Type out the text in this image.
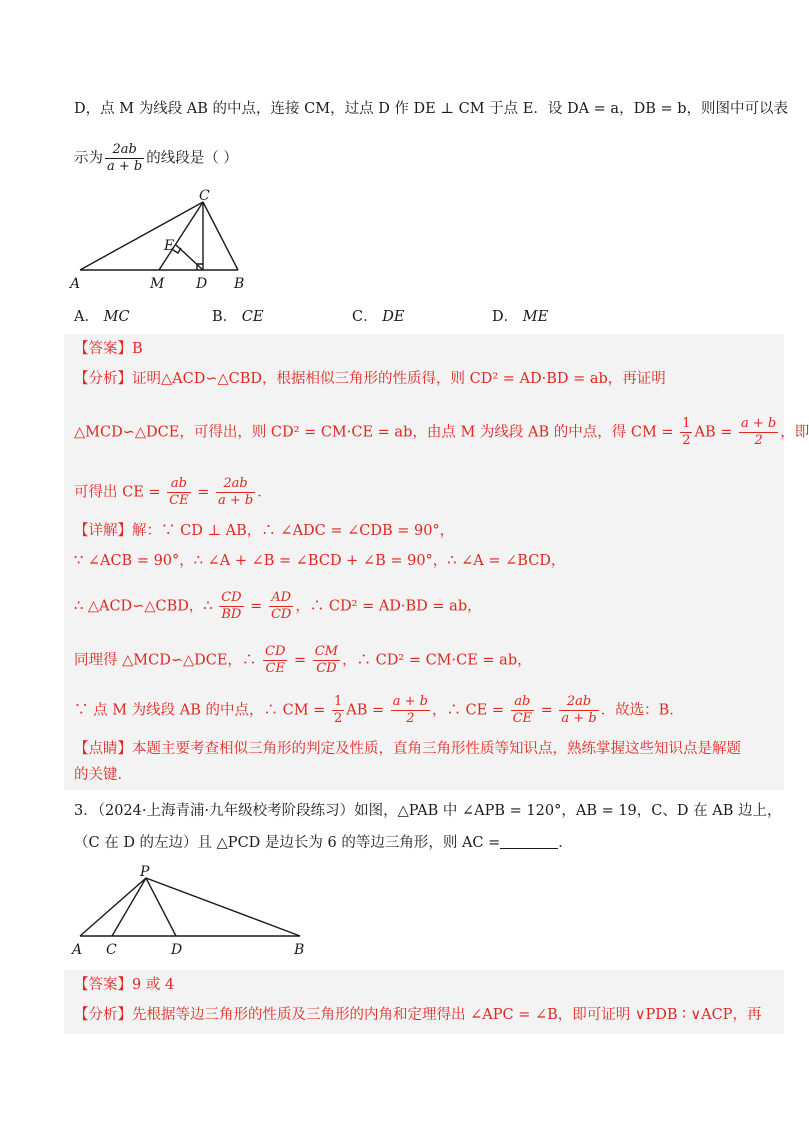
D，点 M 为线段 AB 的中点，连接 CM，过点 D 作 DE ⊥ CM 于点 E．设 DA = a，DB = b，则图中可以表
示为 $\frac{2ab}{a + b}$ 的线段是（ ）
A	M D B
C
E
A． MC	B． CE	C． DE	D． ME
【答案】B
【分析】证明△ACD∽△CBD，根据相似三角形的性质得，则 CD² = AD·BD = ab，再证明
△MCD∽△DCE，可得出，则 CD² = CM·CE = ab，由点 M 为线段 AB 的中点，得 CM = $\frac{1}{2}$ AB = $\frac{a + b}{2}$ ，即
可得出 CE = $\frac{ab}{CE} = \frac{2ab}{a + b}$ ．
【详解】解：∵ CD ⊥ AB，∴ ∠ADC = ∠CDB = 90°，
∵ ∠ACB = 90°，∴ ∠A + ∠B = ∠BCD + ∠B = 90°，∴ ∠A = ∠BCD，
∴ △ACD∽△CBD，∴ $\frac{CD}{BD} = \frac{AD}{CD}$ ，∴ CD² = AD·BD = ab，
同理得 △MCD∽△DCE，∴ $\frac{CD}{CE} = \frac{CM}{CD}$ ，∴ CD² = CM·CE = ab，
∵ 点 M 为线段 AB 的中点，∴ CM = $\frac{1}{2}$ AB = $\frac{a + b}{2}$ ，∴ CE = $\frac{ab}{CE} = \frac{2ab}{a + b}$ ．故选：B．
【点睛】本题主要考查相似三角形的判定及性质，直角三角形性质等知识点，熟练掌握这些知识点是解题
的关键．
3．（2024·上海青浦·九年级校考阶段练习）如图，△PAB 中 ∠APB = 120°，AB = 19，C、D 在 AB 边上，
（C 在 D 的左边）且 △PCD 是边长为 6 的等边三角形，则 AC =	．
P
A C	D	B
【答案】9 或 4
【分析】先根据等边三角形的性质及三角形的内角和定理得出 ∠APC = ∠B，即可证明 ∨PDB ∶ ∨ACP，再
